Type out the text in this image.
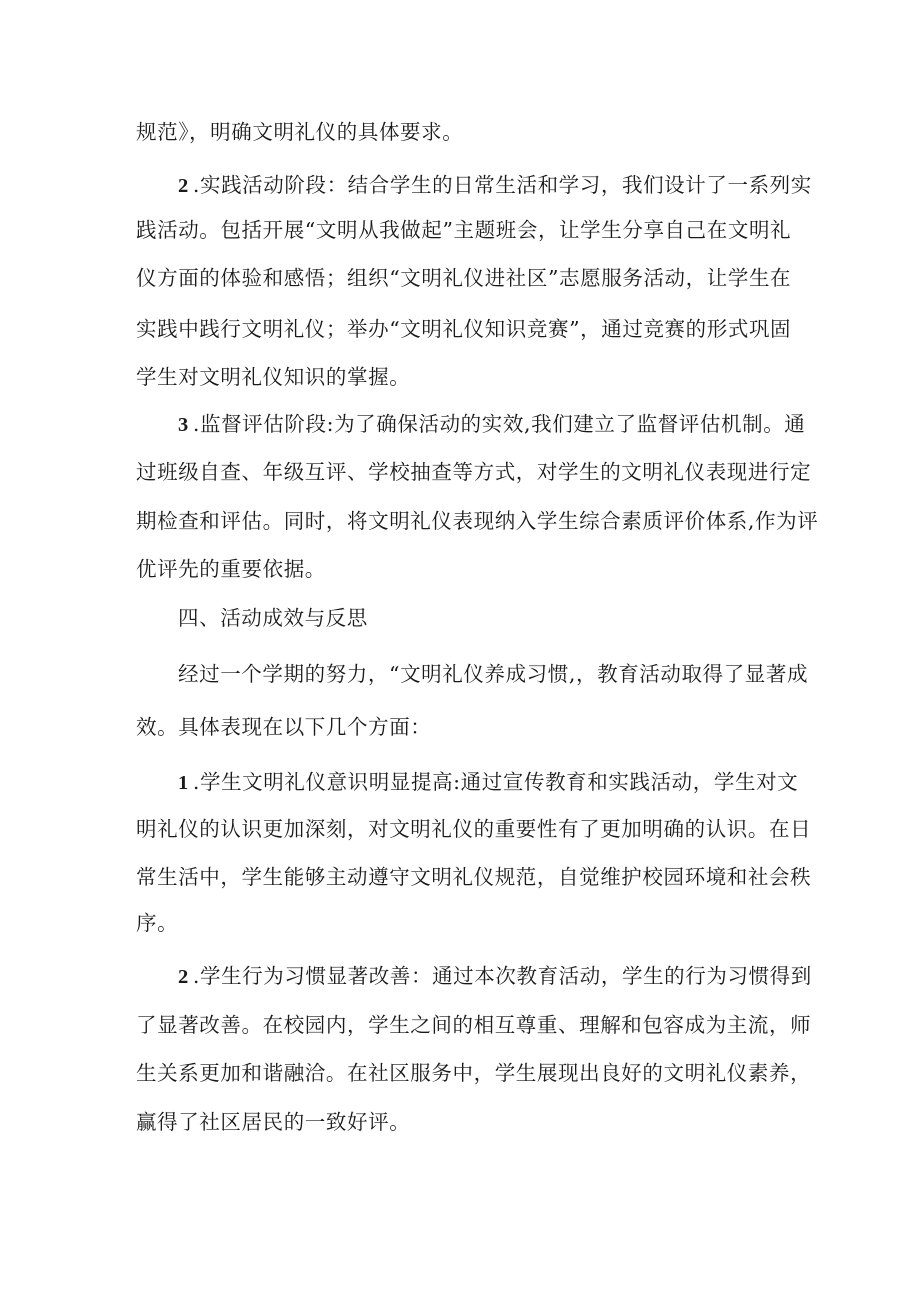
规范》，明确文明礼仪的具体要求。
2 .实践活动阶段：结合学生的日常生活和学习，我们设计了一系列实
践活动。包括开展“文明从我做起”主题班会，让学生分享自己在文明礼
仪方面的体验和感悟；组织“文明礼仪进社区”志愿服务活动，让学生在
实践中践行文明礼仪；举办“文明礼仪知识竞赛”，通过竞赛的形式巩固
学生对文明礼仪知识的掌握。
3 .监督评估阶段:为了确保活动的实效,我们建立了监督评估机制。通
过班级自查、年级互评、学校抽查等方式，对学生的文明礼仪表现进行定
期检查和评估。同时，将文明礼仪表现纳入学生综合素质评价体系,作为评
优评先的重要依据。
四、活动成效与反思
经过一个学期的努力，“文明礼仪养成习惯,，教育活动取得了显著成
效。具体表现在以下几个方面：
1 .学生文明礼仪意识明显提高:通过宣传教育和实践活动，学生对文
明礼仪的认识更加深刻，对文明礼仪的重要性有了更加明确的认识。在日
常生活中，学生能够主动遵守文明礼仪规范，自觉维护校园环境和社会秩
序。
2 .学生行为习惯显著改善：通过本次教育活动，学生的行为习惯得到
了显著改善。在校园内，学生之间的相互尊重、理解和包容成为主流，师
生关系更加和谐融洽。在社区服务中，学生展现出良好的文明礼仪素养，
赢得了社区居民的一致好评。
